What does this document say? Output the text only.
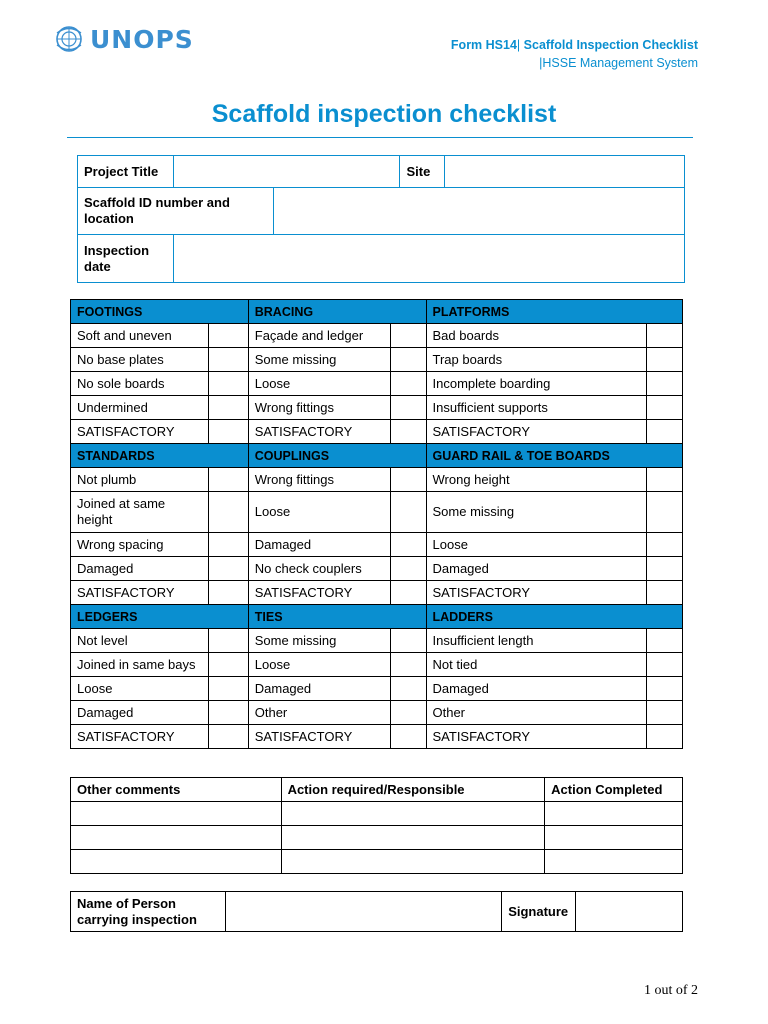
UNOPS	Form HS14| Scaffold Inspection Checklist
|HSSE Management System
Scaffold inspection checklist
Project Title			Site	
Scaffold ID number and location				
Inspection date				
FOOTINGS		BRACING		PLATFORMS	
Soft and uneven		Façade and ledger		Bad boards	
No base plates		Some missing		Trap boards	
No sole boards		Loose		Incomplete boarding	
Undermined		Wrong fittings		Insufficient supports	
SATISFACTORY		SATISFACTORY		SATISFACTORY	
STANDARDS		COUPLINGS		GUARD RAIL & TOE BOARDS	
Not plumb		Wrong fittings		Wrong height	
Joined at same height		Loose		Some missing	
Wrong spacing		Damaged		Loose	
Damaged		No check couplers		Damaged	
SATISFACTORY		SATISFACTORY		SATISFACTORY	
LEDGERS		TIES		LADDERS	
Not level		Some missing		Insufficient length	
Joined in same bays		Loose		Not tied	
Loose		Damaged		Damaged	
Damaged		Other		Other	
SATISFACTORY		SATISFACTORY		SATISFACTORY	
Other comments	Action required/Responsible	Action Completed

Name of Person carrying inspection		Signature	
1 out of 2
